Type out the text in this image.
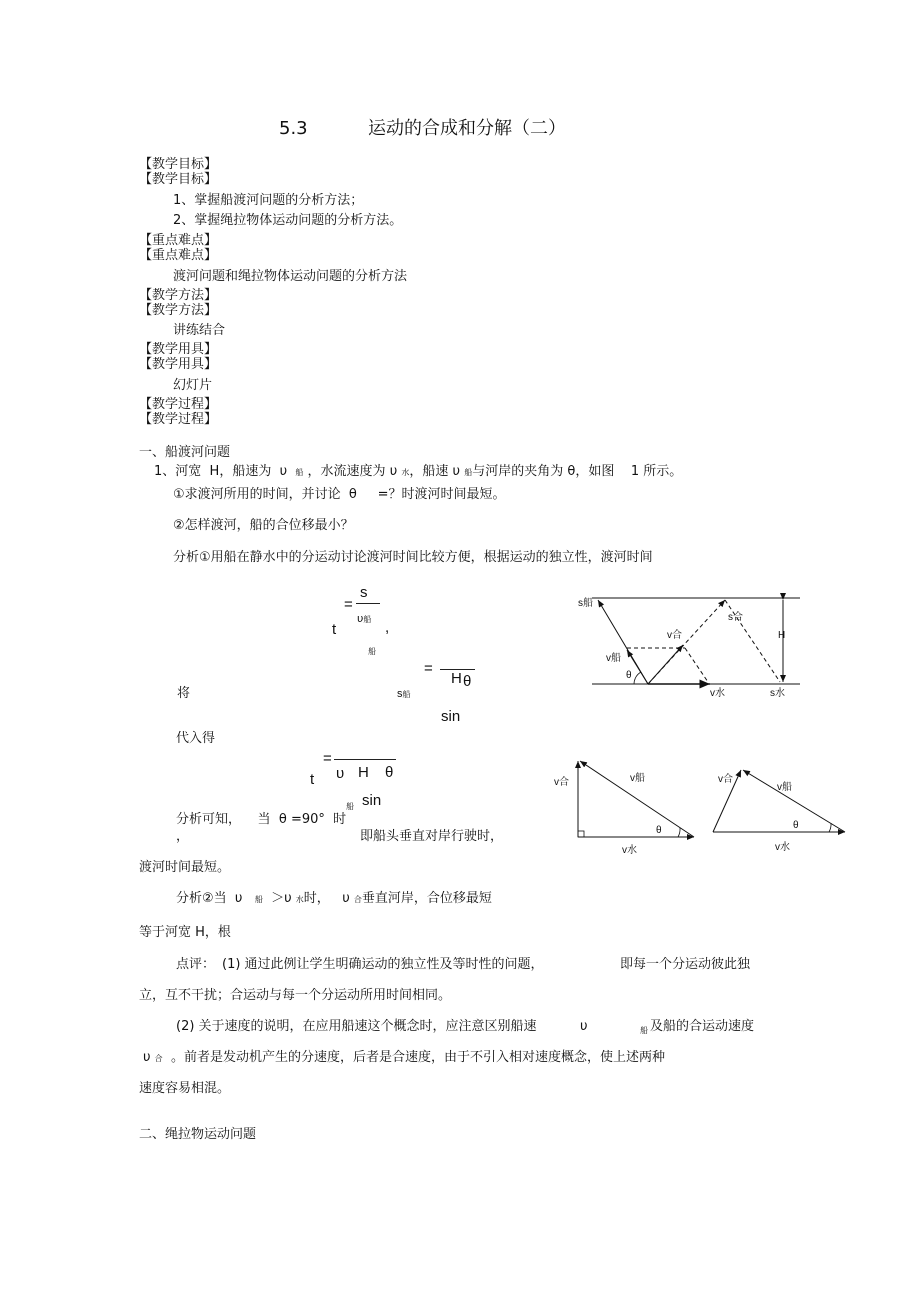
5.3	运动的合成和分解（二）
【教学目标】
【教学目标】
1、掌握船渡河问题的分析方法；
2、掌握绳拉物体运动问题的分析方法。
【重点难点】
【重点难点】
渡河问题和绳拉物体运动问题的分析方法
【教学方法】
【教学方法】
讲练结合
【教学用具】
【教学用具】
幻灯片
【教学过程】
【教学过程】
一、船渡河问题
1、河宽 H，船速为 υ 船 ，水流速度为 υ 水，船速 υ 船与河岸的夹角为 θ，如图 1 所示。
①求渡河所用的时间，并讨论 θ =？时渡河时间最短。
②怎样渡河，船的合位移最小？
分析①用船在静水中的分运动讨论渡河时间比较方便，根据运动的独立性，渡河时间
=
s
υ船
t	,
船
=
H θ
将	s船
sin
代入得
=
t υ H θ
船 sin
分析可知， 当 θ =90° 时
，	即船头垂直对岸行驶时，
渡河时间最短。
分析②当 υ 船 ＞υ 水时， υ 合垂直河岸，合位移最短
等于河宽 H，根
点评： (1) 通过此例让学生明确运动的独立性及等时性的问题，	即每一个分运动彼此独
立，互不干扰；合运动与每一个分运动所用时间相同。
(2) 关于速度的说明，在应用船速这个概念时，应注意区别船速	υ	船 及船的合运动速度
υ 合 。前者是发动机产生的分速度，后者是合速度，由于不引入相对速度概念，使上述两种
速度容易相混。
二、绳拉物运动问题
s船
s合
H
v合
v船
θ
v水	s水
v合	v船
θ
v水
v合
v船
θ
v水
